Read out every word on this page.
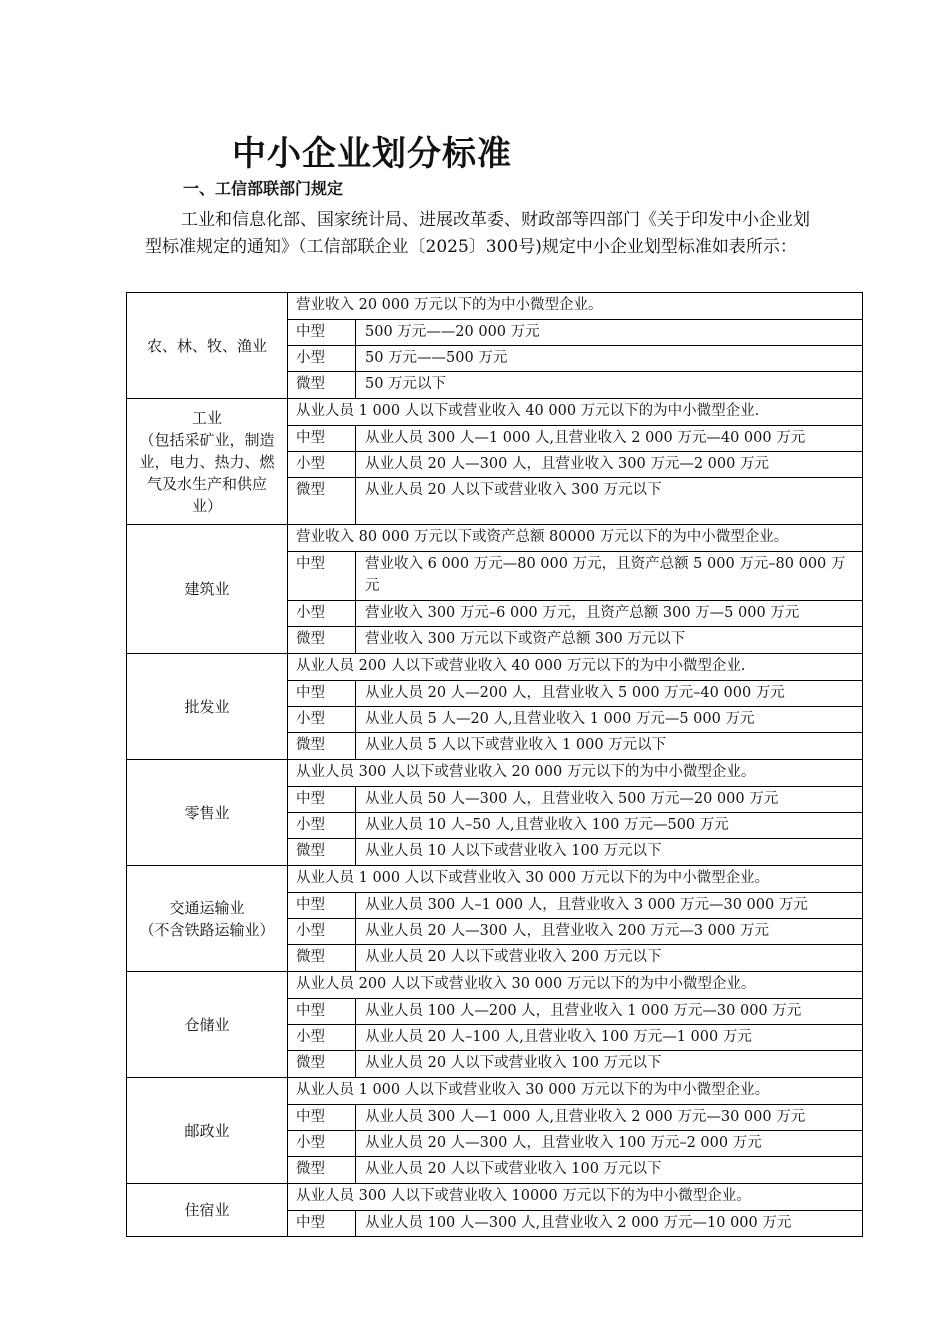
中小企业划分标准
一、工信部联部门规定

工业和信息化部、国家统计局、进展改革委、财政部等四部门《关于印发中小企业划型标准规定的通知》（工信部联企业〔2025〕300号)规定中小企业划型标准如表所示：

农、林、牧、渔业	营业收入 20 000 万元以下的为中小微型企业。	
	中型	500 万元——20 000 万元
	小型	50 万元——500 万元
	微型	50 万元以下
工业
（包括采矿业，制造业，电力、热力、燃气及水生产和供应业）	从业人员 1 000 人以下或营业收入 40 000 万元以下的为中小微型企业.	
	中型	从业人员 300 人—1 000 人,且营业收入 2 000 万元—40 000 万元
	小型	从业人员 20 人—300 人，且营业收入 300 万元—2 000 万元
	微型	从业人员 20 人以下或营业收入 300 万元以下
建筑业	营业收入 80 000 万元以下或资产总额 80000 万元以下的为中小微型企业。	
	中型	营业收入 6 000 万元—80 000 万元，且资产总额 5 000 万元–80 000 万元
	小型	营业收入 300 万元–6 000 万元，且资产总额 300 万—5 000 万元
	微型	营业收入 300 万元以下或资产总额 300 万元以下
批发业	从业人员 200 人以下或营业收入 40 000 万元以下的为中小微型企业.	
	中型	从业人员 20 人—200 人，且营业收入 5 000 万元–40 000 万元
	小型	从业人员 5 人—20 人,且营业收入 1 000 万元—5 000 万元
	微型	从业人员 5 人以下或营业收入 1 000 万元以下
零售业	从业人员 300 人以下或营业收入 20 000 万元以下的为中小微型企业。	
	中型	从业人员 50 人—300 人，且营业收入 500 万元—20 000 万元
	小型	从业人员 10 人–50 人,且营业收入 100 万元—500 万元
	微型	从业人员 10 人以下或营业收入 100 万元以下
交通运输业
（不含铁路运输业）	从业人员 1 000 人以下或营业收入 30 000 万元以下的为中小微型企业。	
	中型	从业人员 300 人–1 000 人，且营业收入 3 000 万元—30 000 万元
	小型	从业人员 20 人—300 人，且营业收入 200 万元—3 000 万元
	微型	从业人员 20 人以下或营业收入 200 万元以下
仓储业	从业人员 200 人以下或营业收入 30 000 万元以下的为中小微型企业。	
	中型	从业人员 100 人—200 人，且营业收入 1 000 万元—30 000 万元
	小型	从业人员 20 人–100 人,且营业收入 100 万元—1 000 万元
	微型	从业人员 20 人以下或营业收入 100 万元以下
邮政业	从业人员 1 000 人以下或营业收入 30 000 万元以下的为中小微型企业。	
	中型	从业人员 300 人—1 000 人,且营业收入 2 000 万元—30 000 万元
	小型	从业人员 20 人—300 人，且营业收入 100 万元–2 000 万元
	微型	从业人员 20 人以下或营业收入 100 万元以下
住宿业	从业人员 300 人以下或营业收入 10000 万元以下的为中小微型企业。	
	中型	从业人员 100 人—300 人,且营业收入 2 000 万元—10 000 万元
